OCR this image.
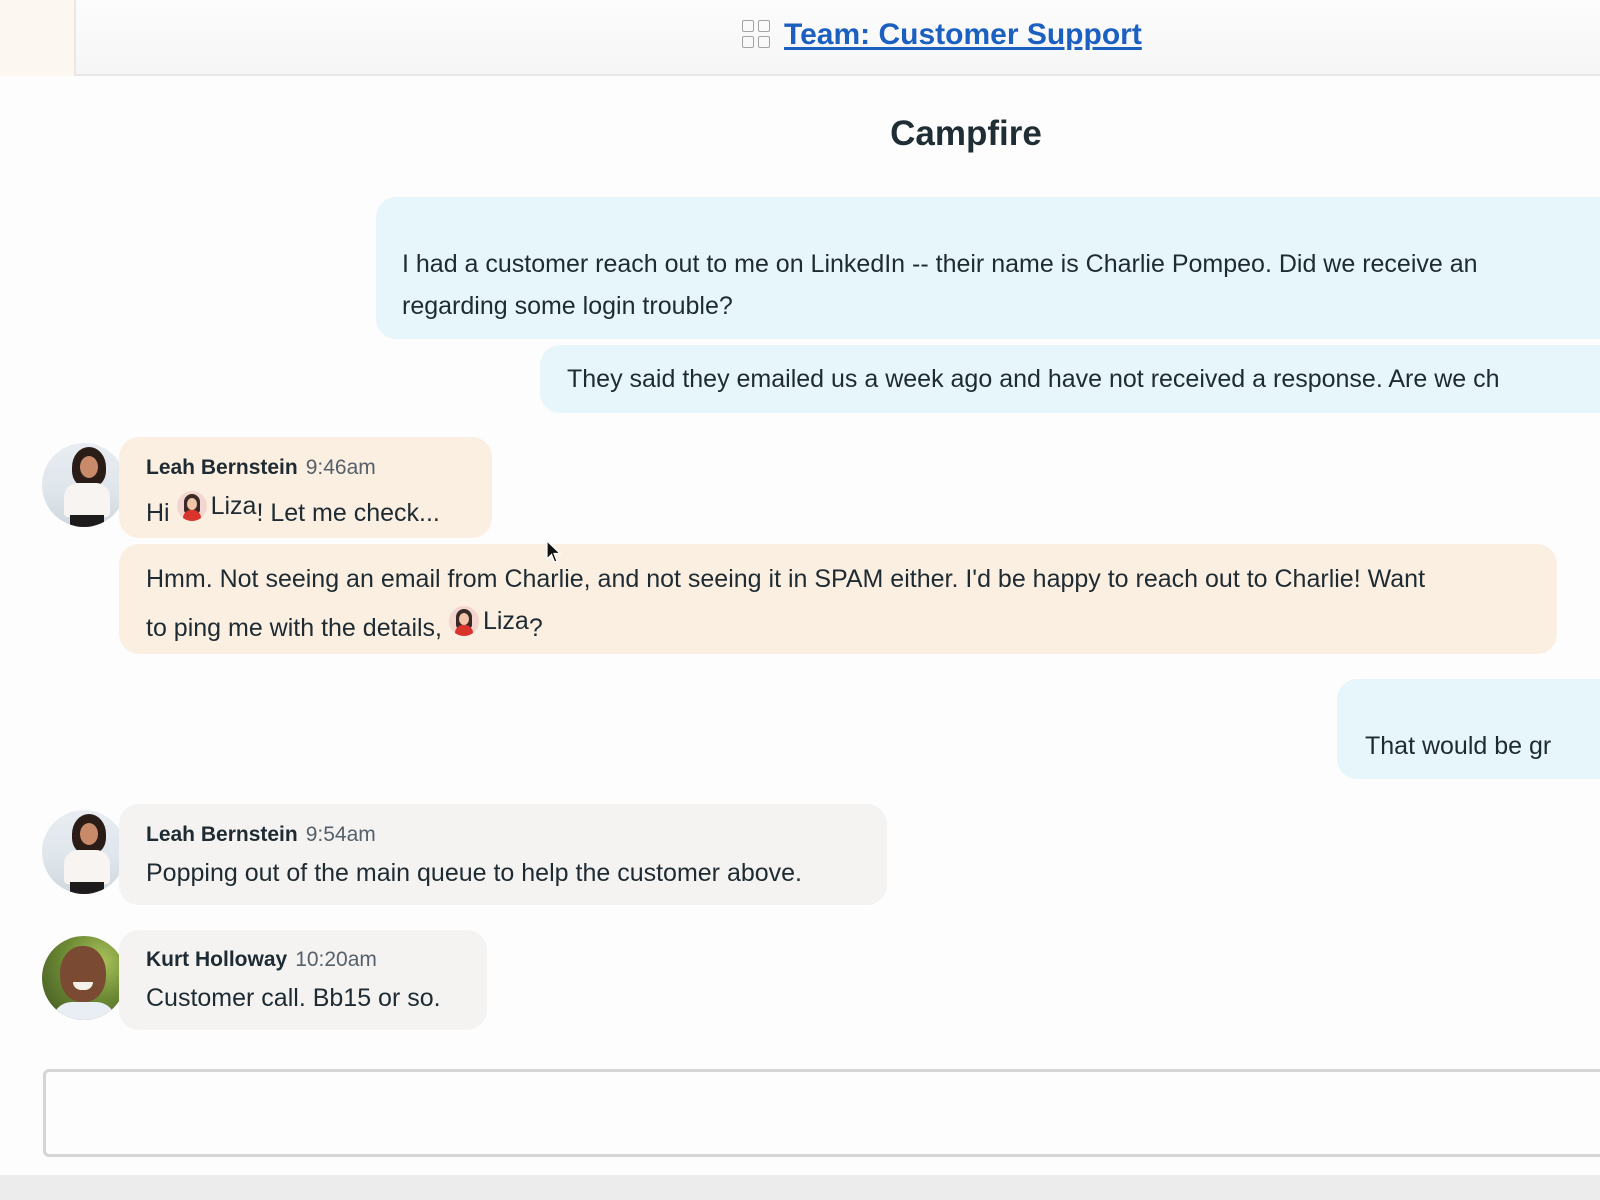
Team: Customer Support
Campfire
I had a customer reach out to me on LinkedIn -- their name is Charlie Pompeo. Did we receive an
regarding some login trouble?
They said they emailed us a week ago and have not received a response. Are we ch
Leah Bernstein 9:46am
Hi Liza ! Let me check...
Hmm. Not seeing an email from Charlie, and not seeing it in SPAM either. I'd be happy to reach out to Charlie! Want
to ping me with the details, Liza ?
That would be gr
Leah Bernstein 9:54am
Popping out of the main queue to help the customer above.
Kurt Holloway 10:20am
Customer call. Bb15 or so.
